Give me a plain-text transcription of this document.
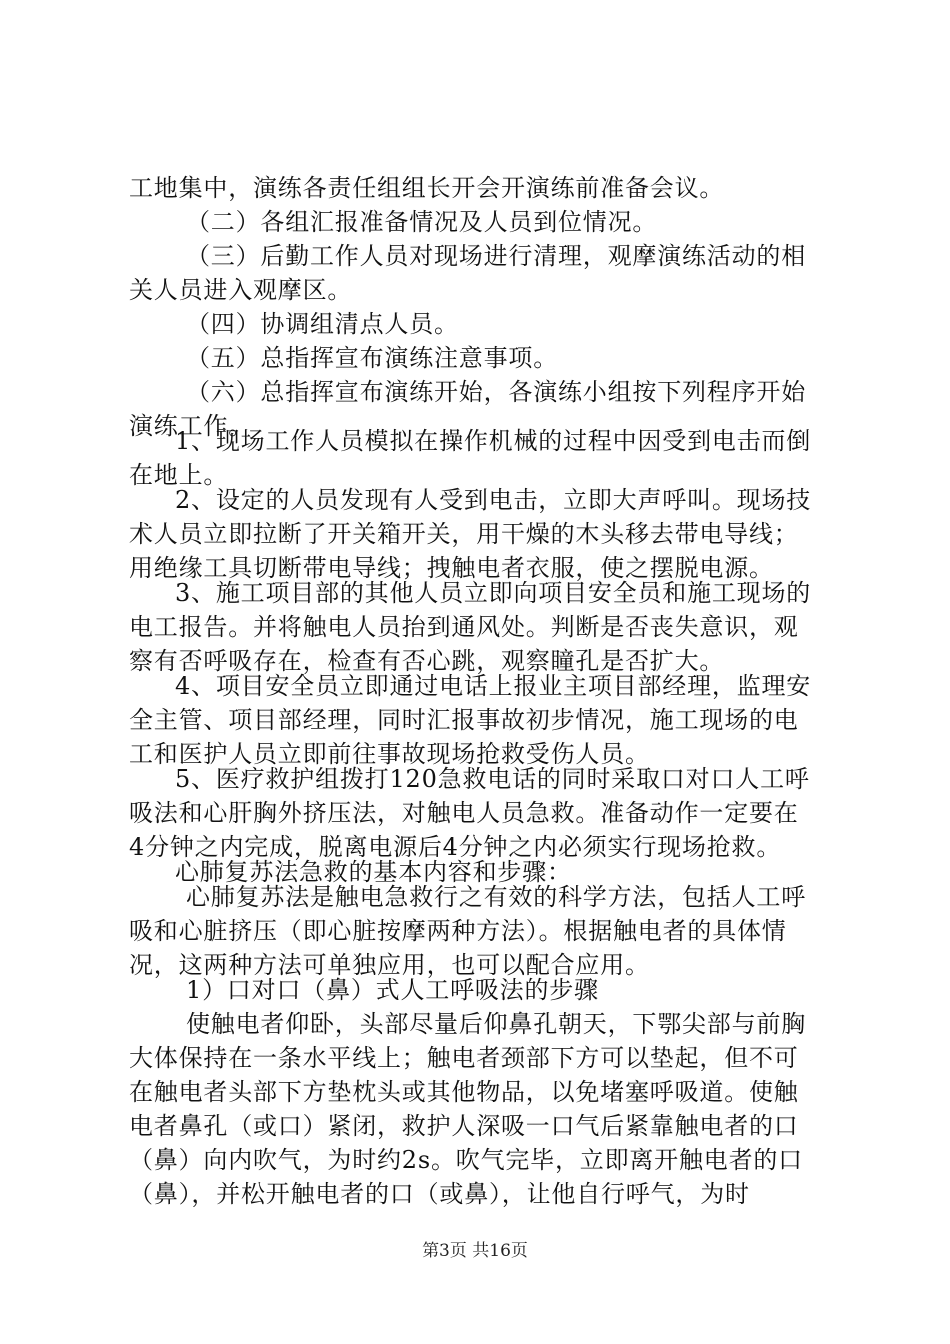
工地集中，演练各责任组组长开会开演练前准备会议。
（二）各组汇报准备情况及人员到位情况。
（三）后勤工作人员对现场进行清理，观摩演练活动的相
关人员进入观摩区。
（四）协调组清点人员。
（五）总指挥宣布演练注意事项。
（六）总指挥宣布演练开始，各演练小组按下列程序开始
演练工作。
1、现场工作人员模拟在操作机械的过程中因受到电击而倒
在地上。
2、设定的人员发现有人受到电击，立即大声呼叫。现场技
术人员立即拉断了开关箱开关，用干燥的木头移去带电导线；
用绝缘工具切断带电导线；拽触电者衣服，使之摆脱电源。
3、施工项目部的其他人员立即向项目安全员和施工现场的
电工报告。并将触电人员抬到通风处。判断是否丧失意识，观
察有否呼吸存在，检查有否心跳，观察瞳孔是否扩大。
4、项目安全员立即通过电话上报业主项目部经理，监理安
全主管、项目部经理，同时汇报事故初步情况，施工现场的电
工和医护人员立即前往事故现场抢救受伤人员。
5、医疗救护组拨打120急救电话的同时采取口对口人工呼
吸法和心肝胸外挤压法，对触电人员急救。准备动作一定要在
4分钟之内完成，脱离电源后4分钟之内必须实行现场抢救。
心肺复苏法急救的基本内容和步骤：
心肺复苏法是触电急救行之有效的科学方法，包括人工呼
吸和心脏挤压（即心脏按摩两种方法）。根据触电者的具体情
况，这两种方法可单独应用，也可以配合应用。
1）口对口（鼻）式人工呼吸法的步骤
使触电者仰卧，头部尽量后仰鼻孔朝天，下鄂尖部与前胸
大体保持在一条水平线上；触电者颈部下方可以垫起，但不可
在触电者头部下方垫枕头或其他物品，以免堵塞呼吸道。使触
电者鼻孔（或口）紧闭，救护人深吸一口气后紧靠触电者的口
（鼻）向内吹气，为时约2s。吹气完毕，立即离开触电者的口
（鼻），并松开触电者的口（或鼻），让他自行呼气，为时
第3页 共16页
